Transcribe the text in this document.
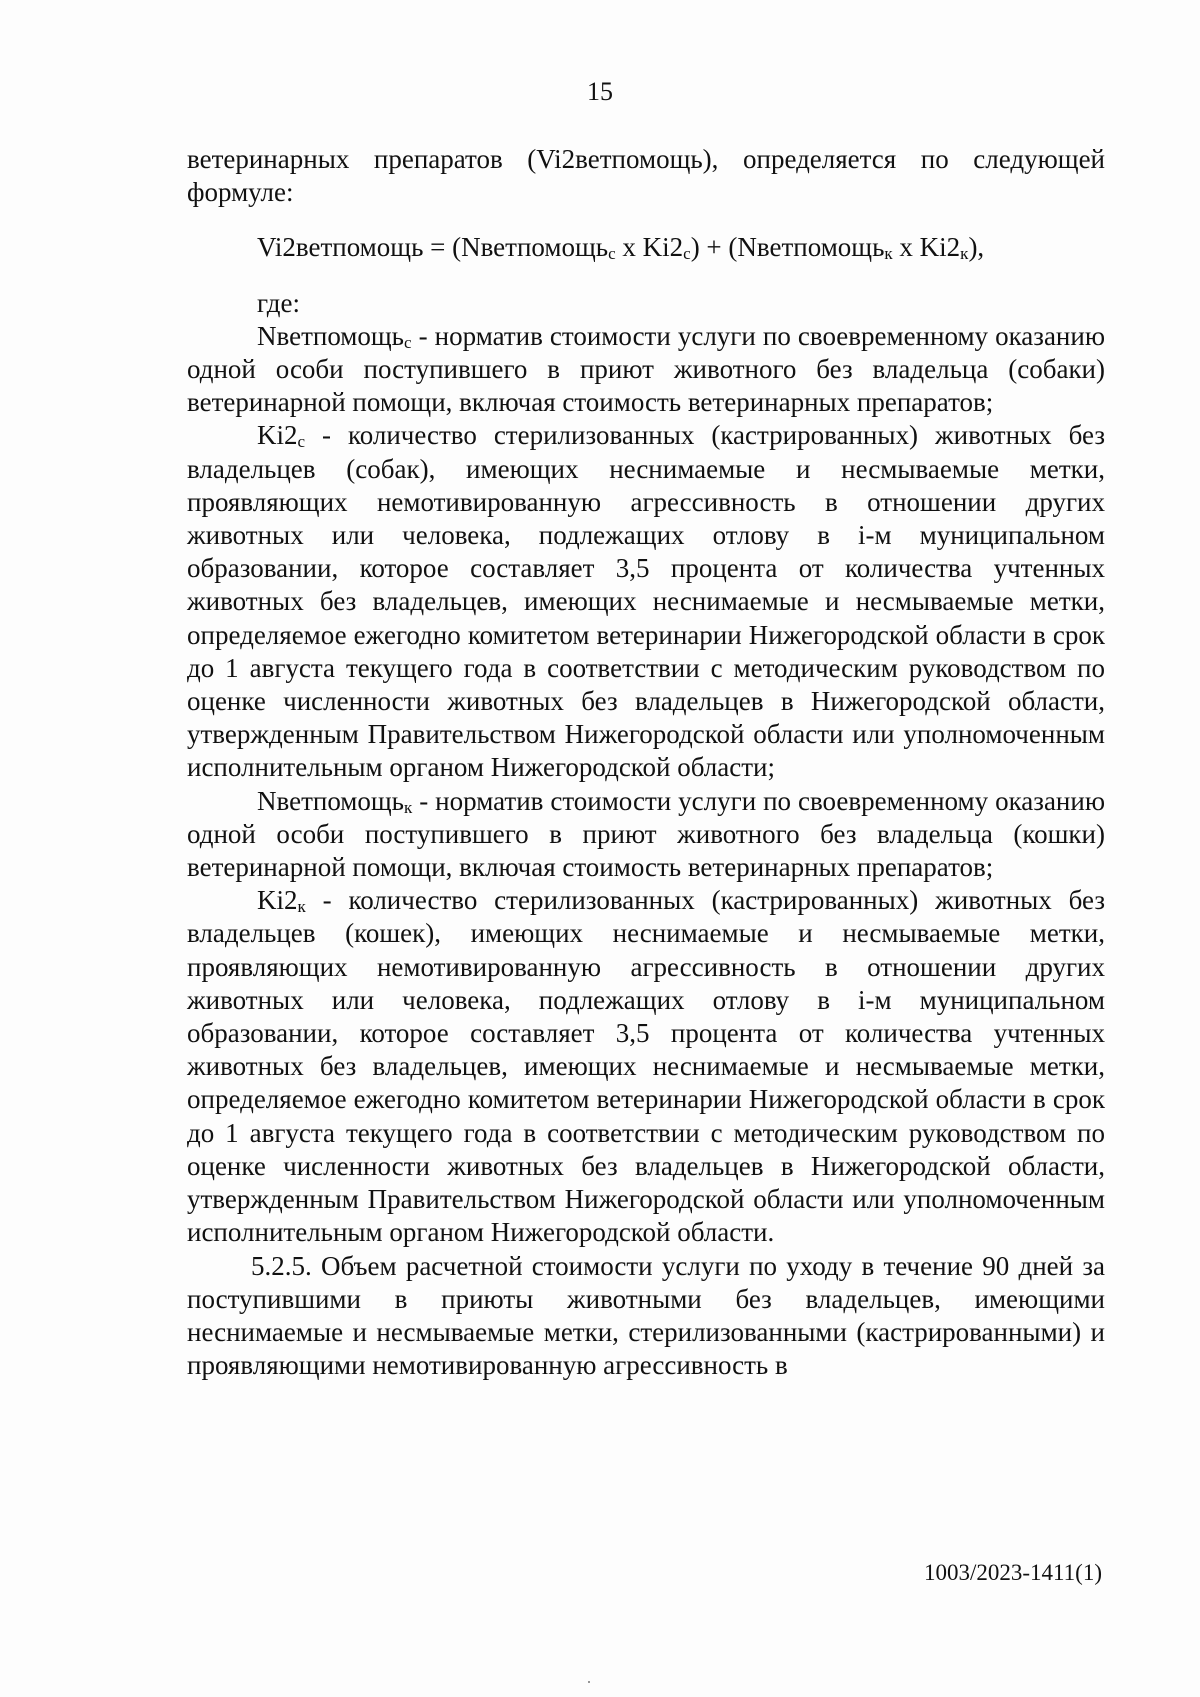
15

ветеринарных препаратов (Vi2ветпомощь), определяется по следующей формуле:

Vi2ветпомощь = (Nветпомощь$_с$ х $Ki2_с$) + (Nветпомощь$_к$ х $Ki2_к$),

где:

Nветпомощь$_с$ - норматив стоимости услуги по своевременному оказанию одной особи поступившего в приют животного без владельца (собаки) ветеринарной помощи, включая стоимость ветеринарных препаратов;

$Ki2_с$ - количество стерилизованных (кастрированных) животных без владельцев (собак), имеющих неснимаемые и несмываемые метки, проявляющих немотивированную агрессивность в отношении других животных или человека, подлежащих отлову в i-м муниципальном образовании, которое составляет 3,5 процента от количества учтенных животных без владельцев, имеющих неснимаемые и несмываемые метки, определяемое ежегодно комитетом ветеринарии Нижегородской области в срок до 1 августа текущего года в соответствии с методическим руководством по оценке численности животных без владельцев в Нижегородской области, утвержденным Правительством Нижегородской области или уполномоченным исполнительным органом Нижегородской области;

Nветпомощь$_к$ - норматив стоимости услуги по своевременному оказанию одной особи поступившего в приют животного без владельца (кошки) ветеринарной помощи, включая стоимость ветеринарных препаратов;

$Ki2_к$ - количество стерилизованных (кастрированных) животных без владельцев (кошек), имеющих неснимаемые и несмываемые метки, проявляющих немотивированную агрессивность в отношении других животных или человека, подлежащих отлову в i-м муниципальном образовании, которое составляет 3,5 процента от количества учтенных животных без владельцев, имеющих неснимаемые и несмываемые метки, определяемое ежегодно комитетом ветеринарии Нижегородской области в срок до 1 августа текущего года в соответствии с методическим руководством по оценке численности животных без владельцев в Нижегородской области, утвержденным Правительством Нижегородской области или уполномоченным исполнительным органом Нижегородской области.

5.2.5. Объем расчетной стоимости услуги по уходу в течение 90 дней за поступившими в приюты животными без владельцев, имеющими неснимаемые и несмываемые метки, стерилизованными (кастрированными) и проявляющими немотивированную агрессивность в

1003/2023-1411(1)
